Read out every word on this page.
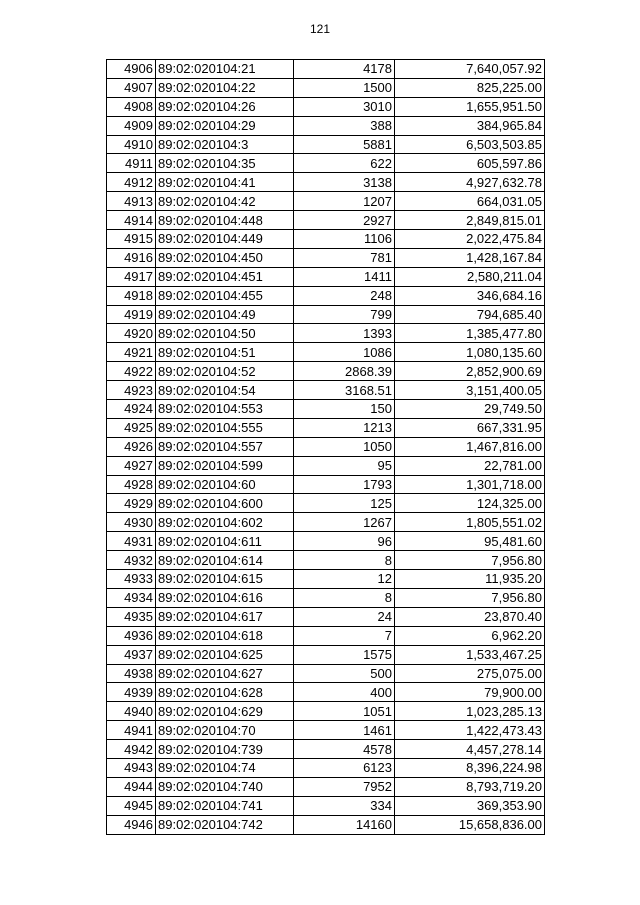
121
4906	89:02:020104:21	4178	7,640,057.92
4907	89:02:020104:22	1500	825,225.00
4908	89:02:020104:26	3010	1,655,951.50
4909	89:02:020104:29	388	384,965.84
4910	89:02:020104:3	5881	6,503,503.85
4911	89:02:020104:35	622	605,597.86
4912	89:02:020104:41	3138	4,927,632.78
4913	89:02:020104:42	1207	664,031.05
4914	89:02:020104:448	2927	2,849,815.01
4915	89:02:020104:449	1106	2,022,475.84
4916	89:02:020104:450	781	1,428,167.84
4917	89:02:020104:451	1411	2,580,211.04
4918	89:02:020104:455	248	346,684.16
4919	89:02:020104:49	799	794,685.40
4920	89:02:020104:50	1393	1,385,477.80
4921	89:02:020104:51	1086	1,080,135.60
4922	89:02:020104:52	2868.39	2,852,900.69
4923	89:02:020104:54	3168.51	3,151,400.05
4924	89:02:020104:553	150	29,749.50
4925	89:02:020104:555	1213	667,331.95
4926	89:02:020104:557	1050	1,467,816.00
4927	89:02:020104:599	95	22,781.00
4928	89:02:020104:60	1793	1,301,718.00
4929	89:02:020104:600	125	124,325.00
4930	89:02:020104:602	1267	1,805,551.02
4931	89:02:020104:611	96	95,481.60
4932	89:02:020104:614	8	7,956.80
4933	89:02:020104:615	12	11,935.20
4934	89:02:020104:616	8	7,956.80
4935	89:02:020104:617	24	23,870.40
4936	89:02:020104:618	7	6,962.20
4937	89:02:020104:625	1575	1,533,467.25
4938	89:02:020104:627	500	275,075.00
4939	89:02:020104:628	400	79,900.00
4940	89:02:020104:629	1051	1,023,285.13
4941	89:02:020104:70	1461	1,422,473.43
4942	89:02:020104:739	4578	4,457,278.14
4943	89:02:020104:74	6123	8,396,224.98
4944	89:02:020104:740	7952	8,793,719.20
4945	89:02:020104:741	334	369,353.90
4946	89:02:020104:742	14160	15,658,836.00
